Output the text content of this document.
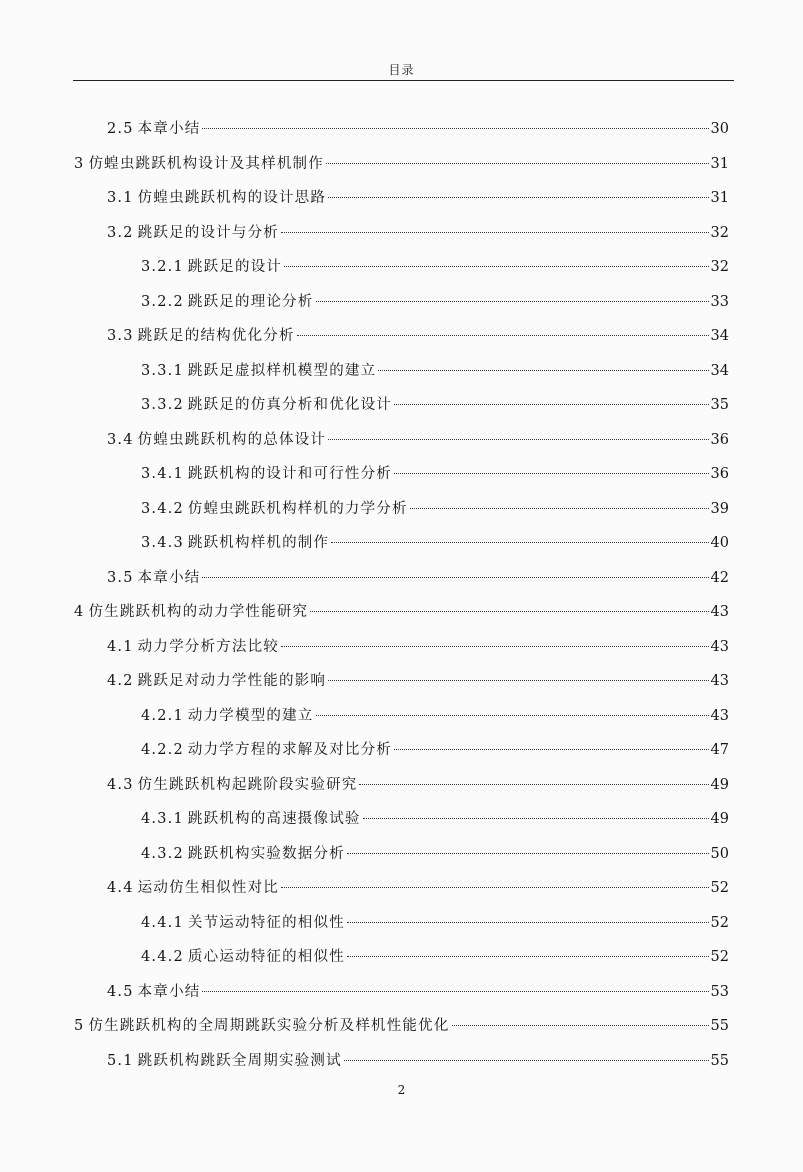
目录
2.5 本章小结	30
3 仿蝗虫跳跃机构设计及其样机制作	31
3.1 仿蝗虫跳跃机构的设计思路	31
3.2 跳跃足的设计与分析	32
3.2.1 跳跃足的设计	32
3.2.2 跳跃足的理论分析	33
3.3 跳跃足的结构优化分析	34
3.3.1 跳跃足虚拟样机模型的建立	34
3.3.2 跳跃足的仿真分析和优化设计	35
3.4 仿蝗虫跳跃机构的总体设计	36
3.4.1 跳跃机构的设计和可行性分析	36
3.4.2 仿蝗虫跳跃机构样机的力学分析	39
3.4.3 跳跃机构样机的制作	40
3.5 本章小结	42
4 仿生跳跃机构的动力学性能研究	43
4.1 动力学分析方法比较	43
4.2 跳跃足对动力学性能的影响	43
4.2.1 动力学模型的建立	43
4.2.2 动力学方程的求解及对比分析	47
4.3 仿生跳跃机构起跳阶段实验研究	49
4.3.1 跳跃机构的高速摄像试验	49
4.3.2 跳跃机构实验数据分析	50
4.4 运动仿生相似性对比	52
4.4.1 关节运动特征的相似性	52
4.4.2 质心运动特征的相似性	52
4.5 本章小结	53
5 仿生跳跃机构的全周期跳跃实验分析及样机性能优化	55
5.1 跳跃机构跳跃全周期实验测试	55
2
